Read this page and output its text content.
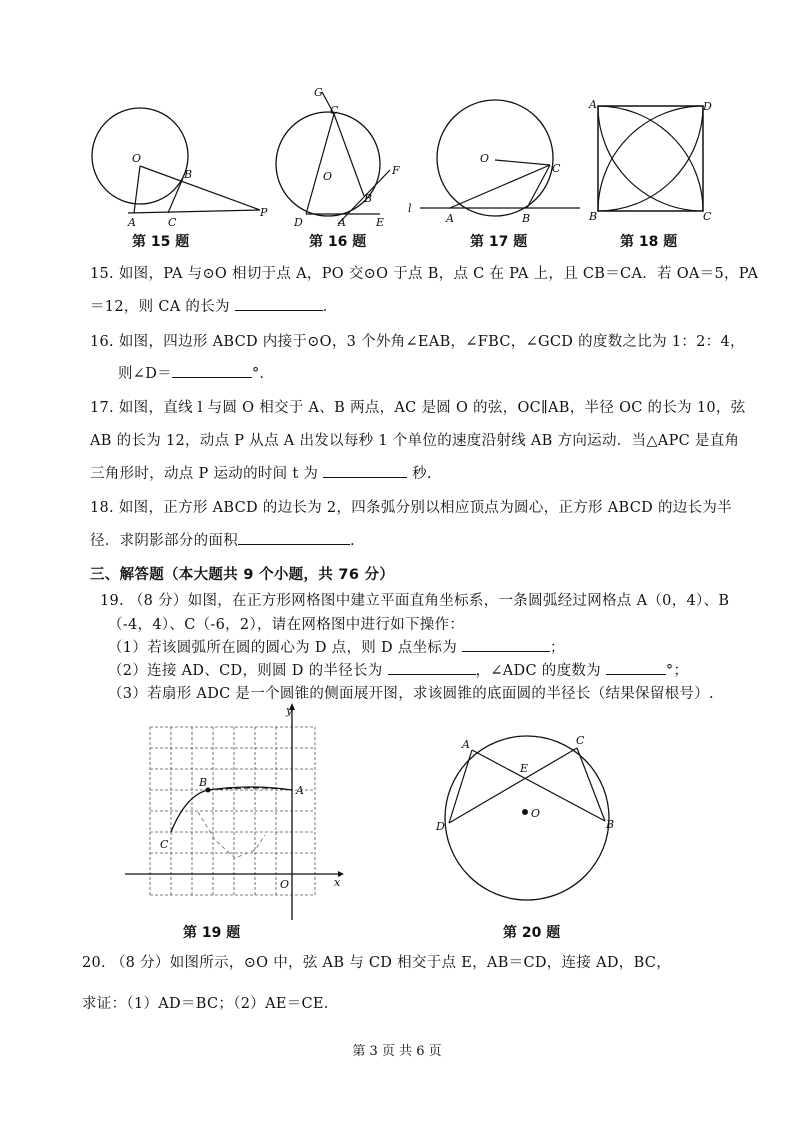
O
A
B
C
P
第 15 题
G
C
F
O
B
D	A	E
第 16 题
O
C
l
A	B
第 17 题
A	D
B	C
第 18 题
15. 如图，PA 与⊙O 相切于点 A，PO 交⊙O 于点 B，点 C 在 PA 上，且 CB＝CA．若 OA＝5，PA
＝12，则 CA 的长为	．
16. 如图，四边形 ABCD 内接于⊙O，3 个外角∠EAB，∠FBC，∠GCD 的度数之比为 1：2：4，
则∠D＝	°．
17. 如图，直线 l 与圆 O 相交于 A、B 两点，AC 是圆 O 的弦，OC∥AB，半径 OC 的长为 10，弦
AB 的长为 12，动点 P 从点 A 出发以每秒 1 个单位的速度沿射线 AB 方向运动．当△APC 是直角
三角形时，动点 P 运动的时间 t 为	秒.
18. 如图，正方形 ABCD 的边长为 2，四条弧分别以相应顶点为圆心，正方形 ABCD 的边长为半
径．求阴影部分的面积	.
三、解答题（本大题共 9 个小题，共 76 分）
19. （8 分）如图，在正方形网格图中建立平面直角坐标系，一条圆弧经过网格点 A（0，4）、B
（-4，4）、C（-6，2），请在网格图中进行如下操作：
（1）若该圆弧所在圆的圆心为 D 点，则 D 点坐标为	；
（2）连接 AD、CD，则圆 D 的半径长为	，∠ADC 的度数为	°；
（3）若扇形 ADC 是一个圆锥的侧面展开图，求该圆锥的底面圆的半径长（结果保留根号）.
y
x
B
A
C
O
第 19 题
A	C
E
O
D	B
第 20 题
20. （8 分）如图所示，⊙O 中，弦 AB 与 CD 相交于点 E，AB＝CD，连接 AD，BC，
求证：（1）AD＝BC；（2）AE＝CE.
第 3 页 共 6 页
